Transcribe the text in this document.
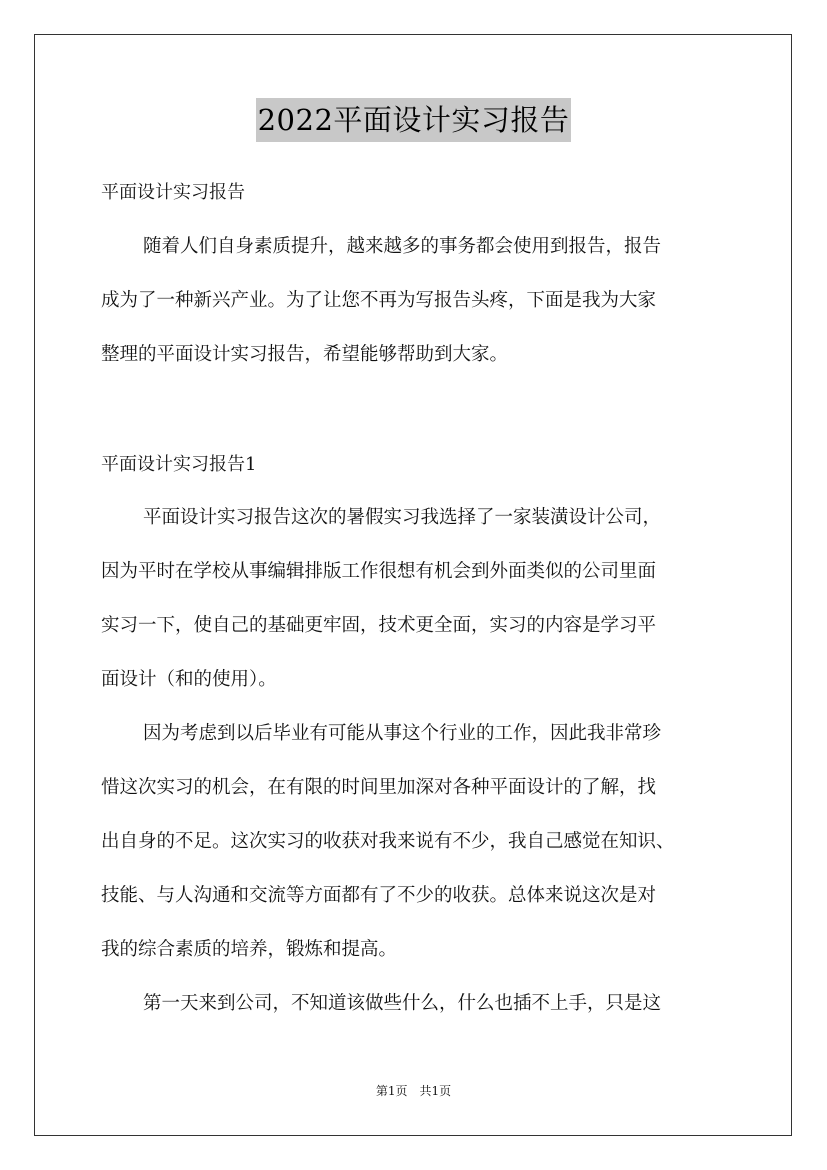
2022平面设计实习报告
平面设计实习报告
随着人们自身素质提升，越来越多的事务都会使用到报告，报告
成为了一种新兴产业。为了让您不再为写报告头疼，下面是我为大家
整理的平面设计实习报告，希望能够帮助到大家。
平面设计实习报告1
平面设计实习报告这次的暑假实习我选择了一家装潢设计公司，
因为平时在学校从事编辑排版工作很想有机会到外面类似的公司里面
实习一下，使自己的基础更牢固，技术更全面，实习的内容是学习平
面设计（和的使用）。
因为考虑到以后毕业有可能从事这个行业的工作，因此我非常珍
惜这次实习的机会，在有限的时间里加深对各种平面设计的了解，找
出自身的不足。这次实习的收获对我来说有不少，我自己感觉在知识、
技能、与人沟通和交流等方面都有了不少的收获。总体来说这次是对
我的综合素质的培养，锻炼和提高。
第一天来到公司，不知道该做些什么，什么也插不上手，只是这
第1页 共1页
